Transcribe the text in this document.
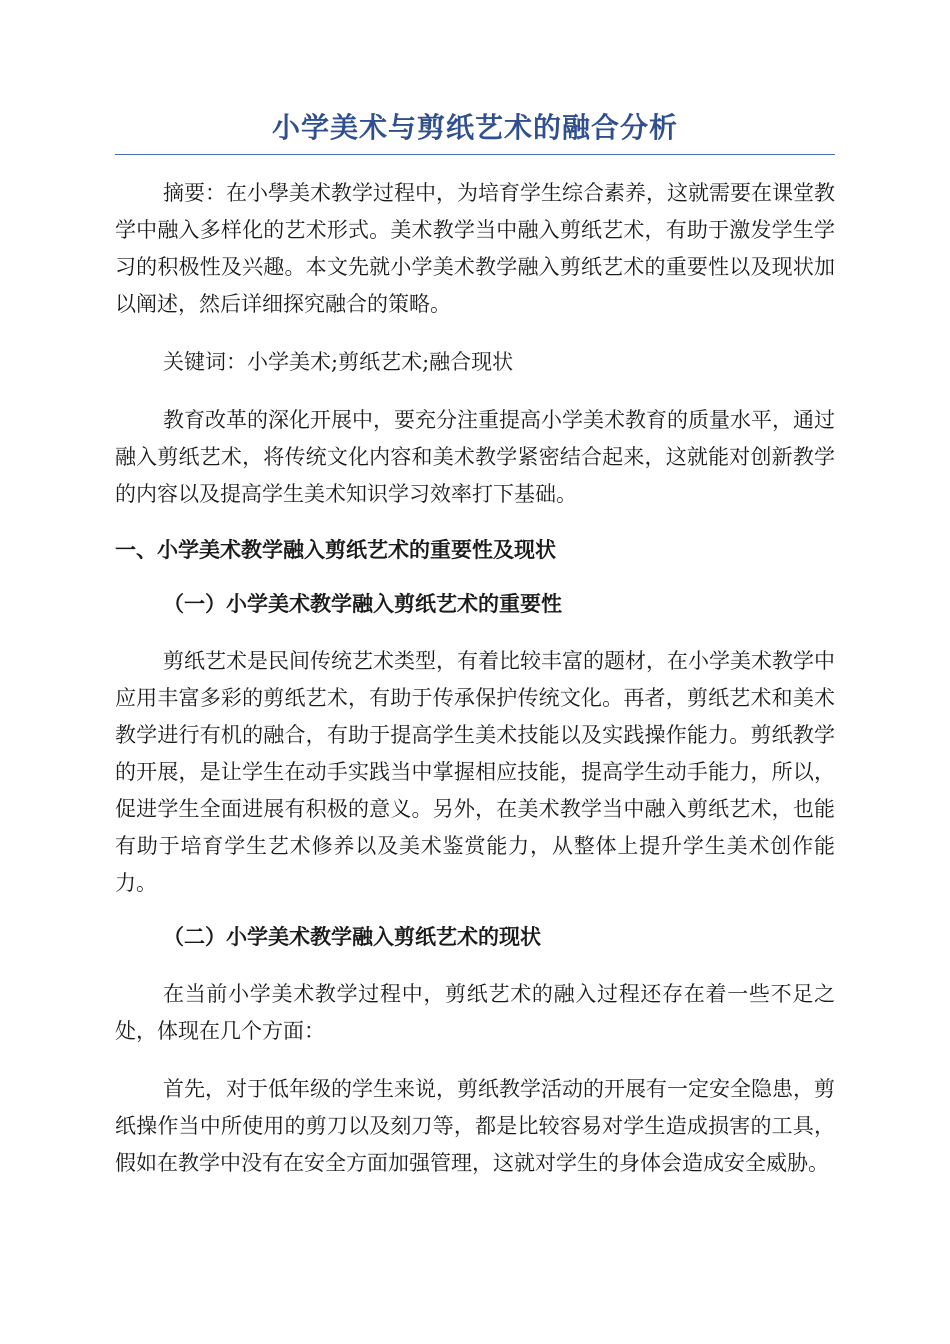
小学美术与剪纸艺术的融合分析

摘要：在小學美术教学过程中，为培育学生综合素养，这就需要在课堂教学中融入多样化的艺术形式。美术教学当中融入剪纸艺术，有助于激发学生学习的积极性及兴趣。本文先就小学美术教学融入剪纸艺术的重要性以及现状加以阐述，然后详细探究融合的策略。

关键词：小学美术;剪纸艺术;融合现状

教育改革的深化开展中，要充分注重提高小学美术教育的质量水平，通过融入剪纸艺术，将传统文化内容和美术教学紧密结合起来，这就能对创新教学的内容以及提高学生美术知识学习效率打下基础。

一、小学美术教学融入剪纸艺术的重要性及现状
（一）小学美术教学融入剪纸艺术的重要性

剪纸艺术是民间传统艺术类型，有着比较丰富的题材，在小学美术教学中应用丰富多彩的剪纸艺术，有助于传承保护传统文化。再者，剪纸艺术和美术教学进行有机的融合，有助于提高学生美术技能以及实践操作能力。剪纸教学的开展，是让学生在动手实践当中掌握相应技能，提高学生动手能力，所以，促进学生全面进展有积极的意义。另外，在美术教学当中融入剪纸艺术，也能有助于培育学生艺术修养以及美术鉴赏能力，从整体上提升学生美术创作能力。

（二）小学美术教学融入剪纸艺术的现状

在当前小学美术教学过程中，剪纸艺术的融入过程还存在着一些不足之处，体现在几个方面：

首先，对于低年级的学生来说，剪纸教学活动的开展有一定安全隐患，剪纸操作当中所使用的剪刀以及刻刀等，都是比较容易对学生造成损害的工具，假如在教学中没有在安全方面加强管理，这就对学生的身体会造成安全威胁。
